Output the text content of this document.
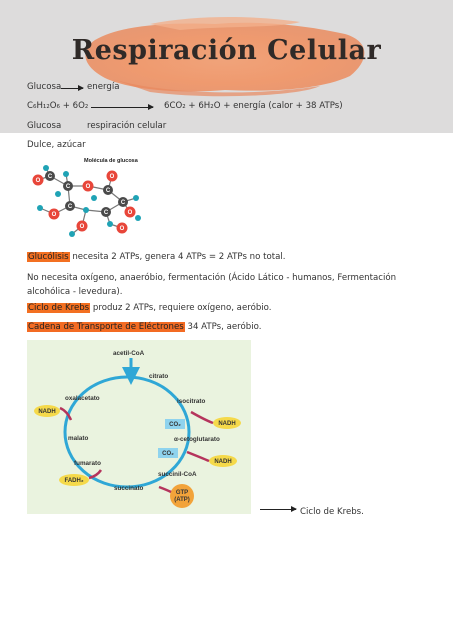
Respiración Celular
Glucosa	energía
C₆H₁₂O₆ + 6O₂	6CO₂ + 6H₂O + energía (calor + 38 ATPs)
Glucosa	respiración celular
Dulce, azúcar
Molécula de glucosa
O
O
O	O
O
O
O
C
C
C
C
C
C
Glucólisis necesita 2 ATPs, genera 4 ATPs = 2 ATPs no total.
No necesita oxígeno, anaeróbio, fermentación (Ácido Lático - humanos, Fermentación alcohólica - levedura).
Ciclo de Krebs produz 2 ATPs, requiere oxígeno, aeróbio.
Cadena de Transporte de Eléctrones 34 ATPs, aeróbio.
acetil-CoA
citrato
isocitrato
α-cetoglutarato
succinil-CoA
succinato
fumarato
malato
oxalacetato
NADH
CO₂	NADH
CO₂
NADH
FADH₂
GTP
(ATP)
Ciclo de Krebs.
